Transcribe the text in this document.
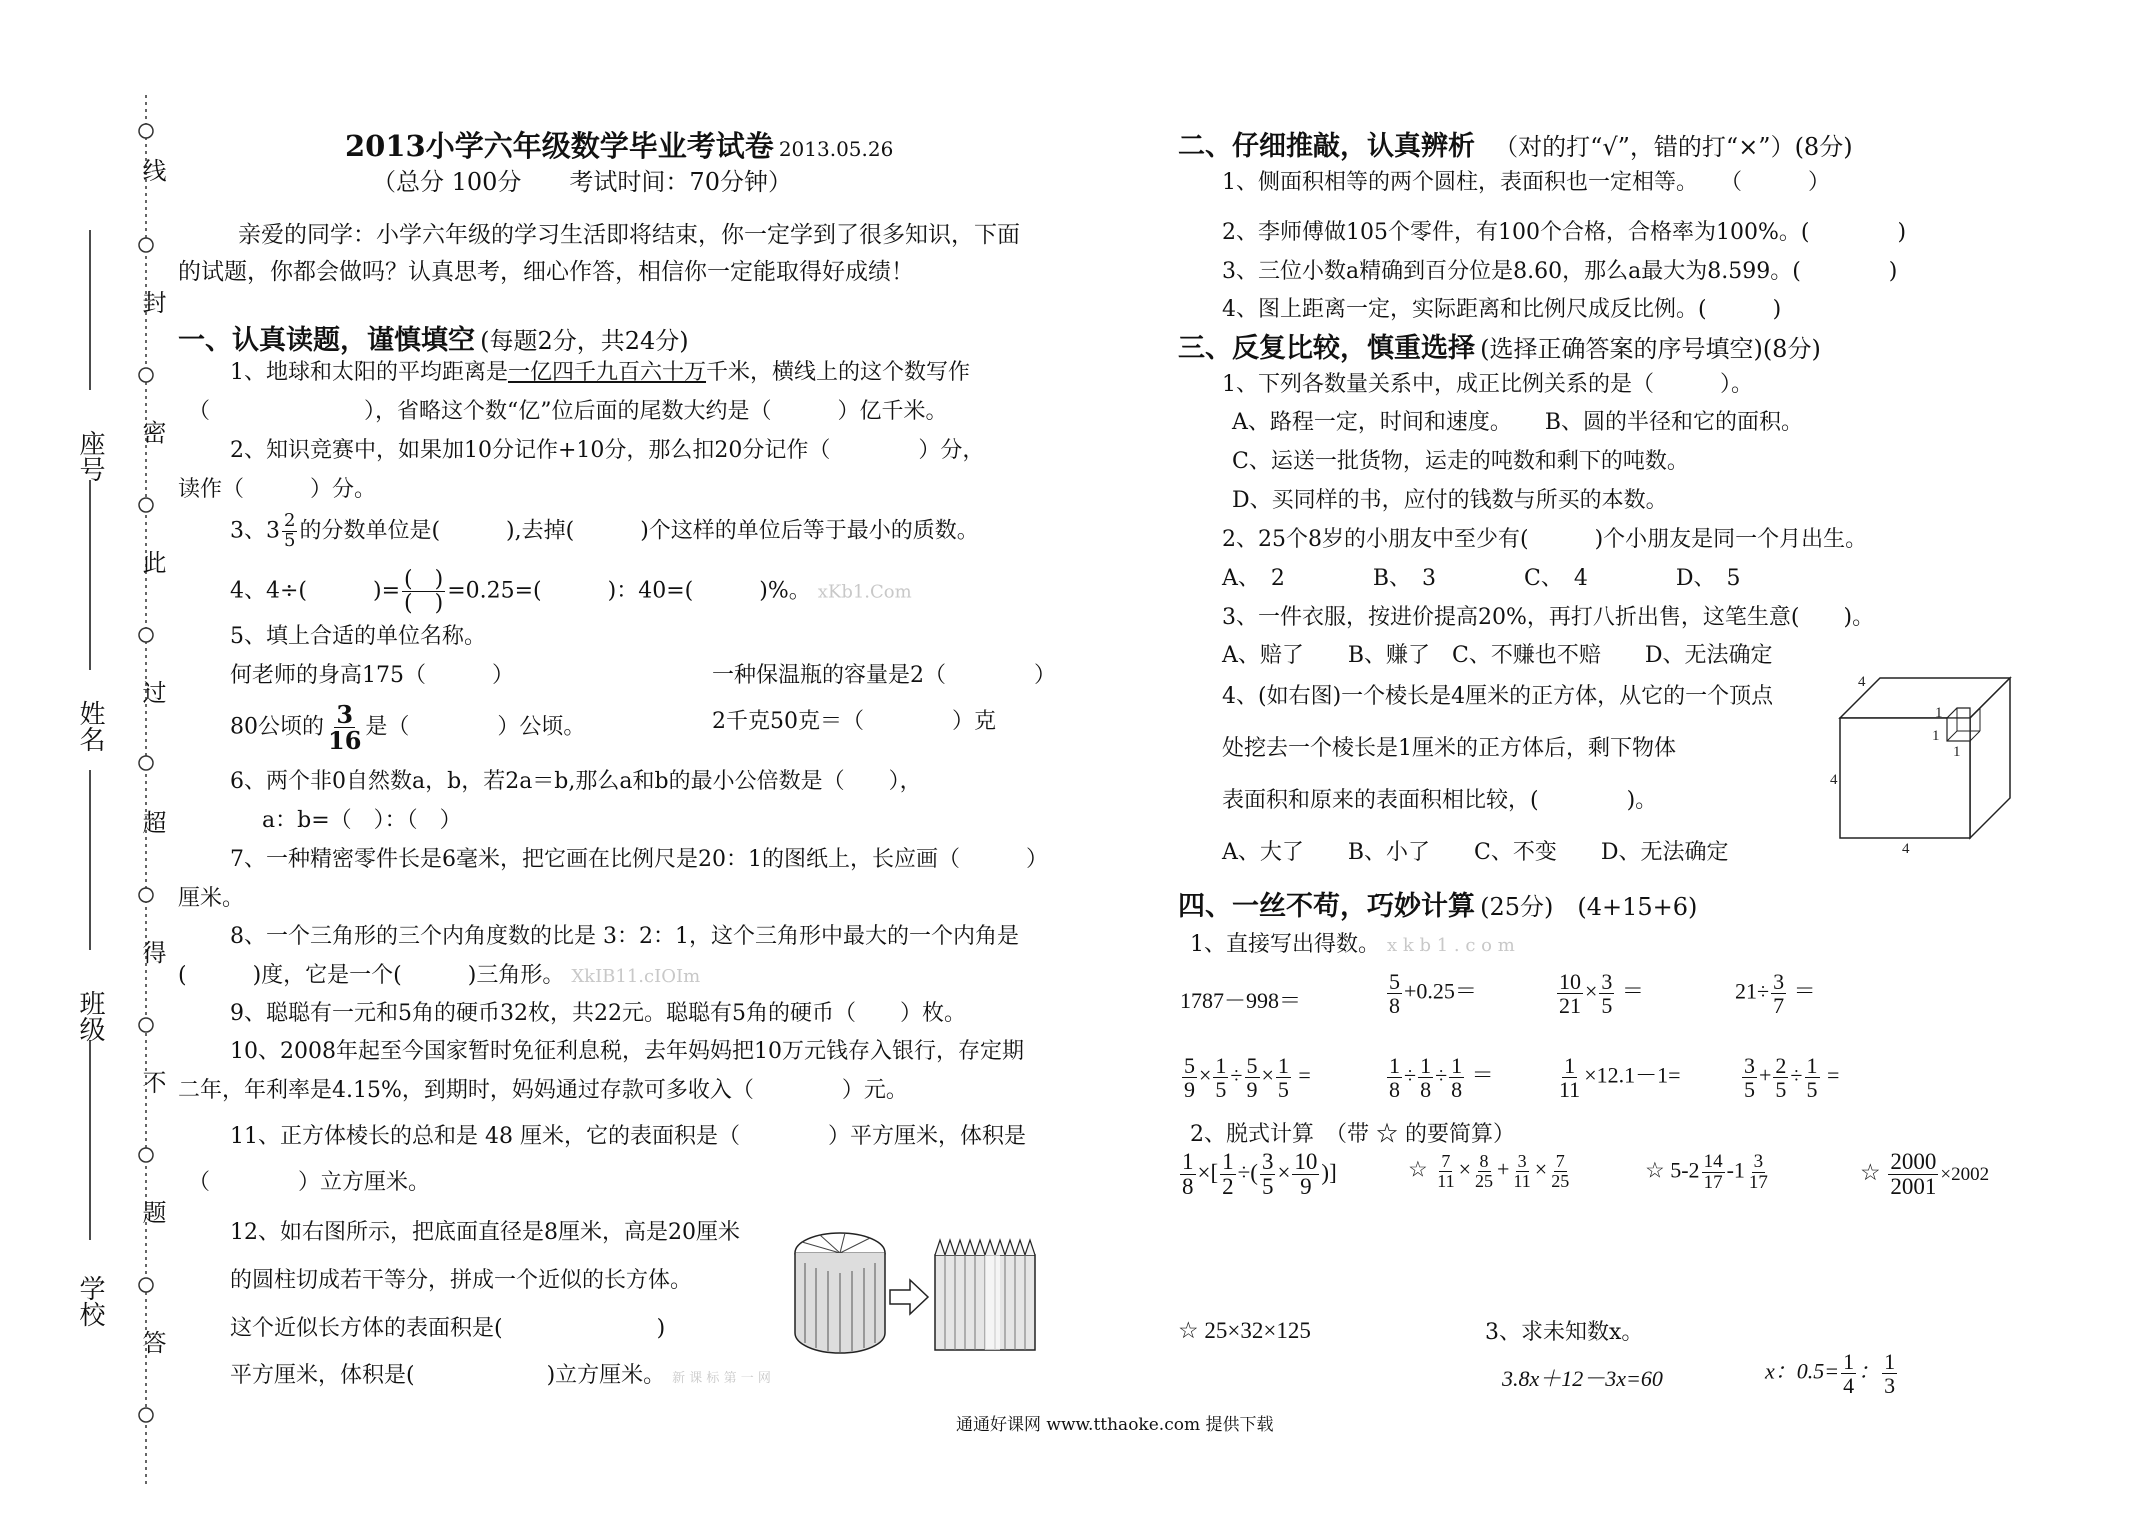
线
封
密
此
过
超
得
不
题
答
座号
姓名
班级
学校
2013小学六年级数学毕业考试卷 2013.05.26
（总分 100分　　考试时间：70分钟）
亲爱的同学：小学六年级的学习生活即将结束，你一定学到了很多知识，下面
的试题，你都会做吗？认真思考，细心作答，相信你一定能取得好成绩！
一、认真读题，谨慎填空 (每题2分，共24分)
1、地球和太阳的平均距离是一亿四千九百六十万千米，横线上的这个数写作
（　　　　　　　），省略这个数“亿”位后面的尾数大约是（　　　）亿千米。
2、知识竞赛中，如果加10分记作+10分，那么扣20分记作（　　　　）分，
读作（　　　）分。
3、$3 \frac{2}{5}$ 的分数单位是(　　　),去掉(　　　)个这样的单位后等于最小的质数。
4、4÷(　　　)= $\frac{( )}{( )} =0.25=$(　　　)：40=(　　　)%。 xKb1.Com
5、填上合适的单位名称。
何老师的身高175（　　　）	一种保温瓶的容量是2（　　　　）
80公顷的 $\frac{3}{16}$ 是（　　　　）公顷。	2千克50克＝（　　　　）克
6、两个非0自然数a，b，若2a＝b,那么a和b的最小公倍数是（　　），
a：b=（　）：（　）
7、一种精密零件长是6毫米，把它画在比例尺是20：1的图纸上，长应画（　　　）
厘米。
8、一个三角形的三个内角度数的比是 3：2：1，这个三角形中最大的一个内角是
(　　　)度，它是一个(　　　)三角形。 XkIB11.cIOIm
9、聪聪有一元和5角的硬币32枚，共22元。聪聪有5角的硬币（　　）枚。
10、2008年起至今国家暂时免征利息税，去年妈妈把10万元钱存入银行，存定期
二年，年利率是4.15%，到期时，妈妈通过存款可多收入（　　　　）元。
11、正方体棱长的总和是 48 厘米，它的表面积是（　　　　）平方厘米，体积是
（　　　　）立方厘米。
12、如右图所示，把底面直径是8厘米，高是20厘米
的圆柱切成若干等分，拼成一个近似的长方体。
这个近似长方体的表面积是(　　　　　　　)
平方厘米，体积是(　　　　　　)立方厘米。 新 课 标 第 一 网
二、仔细推敲，认真辨析 （对的打“√”，错的打“×”）(8分)
1、侧面积相等的两个圆柱，表面积也一定相等。　　（　　　）
2、李师傅做105个零件，有100个合格，合格率为100%。(　　　　)
3、三位小数a精确到百分位是8.60，那么a最大为8.599。(　　　　)
4、图上距离一定，实际距离和比例尺成反比例。(　　　)
三、反复比较，慎重选择 (选择正确答案的序号填空)(8分)
1、下列各数量关系中，成正比例关系的是（　　　）。
A、路程一定，时间和速度。　　B、圆的半径和它的面积。
C、运送一批货物，运走的吨数和剩下的吨数。
D、买同样的书，应付的钱数与所买的本数。
2、25个8岁的小朋友中至少有(　　　)个小朋友是同一个月出生。
A、　2　　　　B、　3　　　　C、　4　　　　D、　5
3、一件衣服，按进价提高20%，再打八折出售，这笔生意(　　)。
A、赔了　　B、赚了　C、不赚也不赔　　D、无法确定
4、(如右图)一个棱长是4厘米的正方体，从它的一个顶点
处挖去一个棱长是1厘米的正方体后，剩下物体
表面积和原来的表面积相比较，(　　　　)。
A、大了　　B、小了　　C、不变　　D、无法确定
4
4
4
1
1
1
四、一丝不苟，巧妙计算 (25分)　(4+15+6)
1、直接写出得数。 x k b 1 . c o m
1787－998＝	$\frac{5}{8} +0.25=$	$\frac{10}{21} \times \frac{3}{5}$ ＝	$21\div \frac{3}{7}$ ＝
$\frac{5}{9} \times \frac{1}{5} \div \frac{5}{9} \times \frac{1}{5}$ =	$\frac{1}{8} \div \frac{1}{8} \div \frac{1}{8}$ ＝	$\frac{1}{11} \times 12.1-1=$	$\frac{3}{5} + \frac{2}{5} \div \frac{1}{5}$ =
2、脱式计算　（带 ☆ 的要简算）
$\frac{1}{8}$ ×[ $\frac{1}{2}$ ÷( $\frac{3}{5} \times \frac{10}{9}$ )]	☆ $\frac{7}{11} \times \frac{8}{25} + \frac{3}{11} \times \frac{7}{25}$	☆ $5-2 \frac{14}{17} -1 \frac{3}{17}$	☆ $\frac{2000}{2001} \times 2002$
☆ 25×32×125	3、求未知数x。
3.8x＋12－3x=60	x：$0.5= \frac{1}{4}$ ： $\frac{1}{3}$
通通好课网 www.tthaoke.com 提供下载
